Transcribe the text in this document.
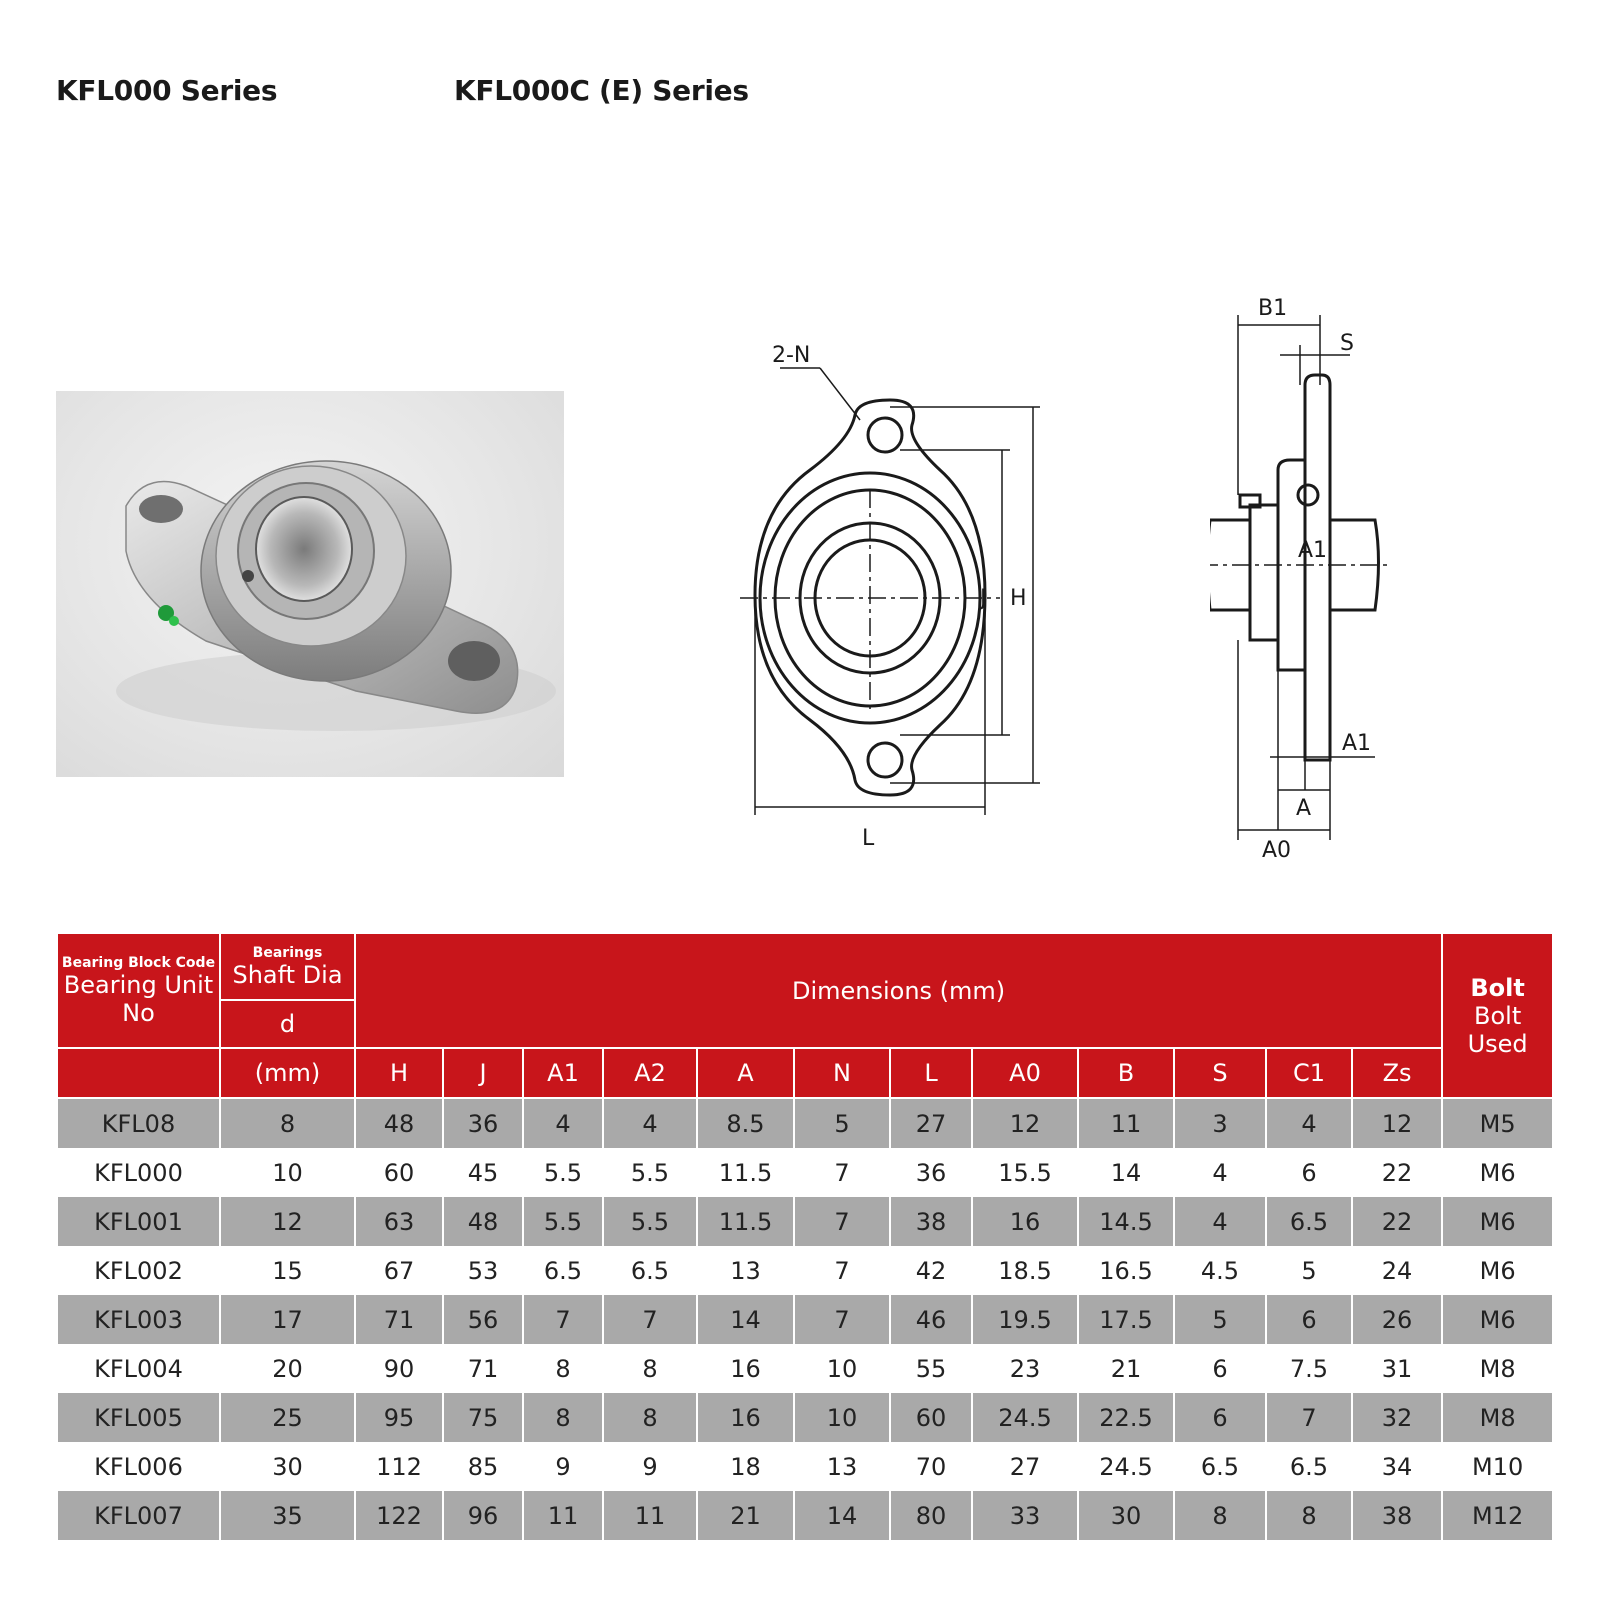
KFL000 Series	KFL000C (E) Series
2-N
J H
L
B1
S
A1
A1
A
A0
Bearing Block Code
Bearing Unit No	Bearings
Shaft Dia	Dimensions (mm)												Bolt
Bolt Used

	d													
	(mm)	H	J	A1	A2	A	N	L	A0	B	S	C1	Zs	
KFL08	8	48	36	4	4	8.5	5	27	12	11	3	4	12	M5
KFL000	10	60	45	5.5	5.5	11.5	7	36	15.5	14	4	6	22	M6
KFL001	12	63	48	5.5	5.5	11.5	7	38	16	14.5	4	6.5	22	M6
KFL002	15	67	53	6.5	6.5	13	7	42	18.5	16.5	4.5	5	24	M6
KFL003	17	71	56	7	7	14	7	46	19.5	17.5	5	6	26	M6
KFL004	20	90	71	8	8	16	10	55	23	21	6	7.5	31	M8
KFL005	25	95	75	8	8	16	10	60	24.5	22.5	6	7	32	M8
KFL006	30	112	85	9	9	18	13	70	27	24.5	6.5	6.5	34	M10
KFL007	35	122	96	11	11	21	14	80	33	30	8	8	38	M12
